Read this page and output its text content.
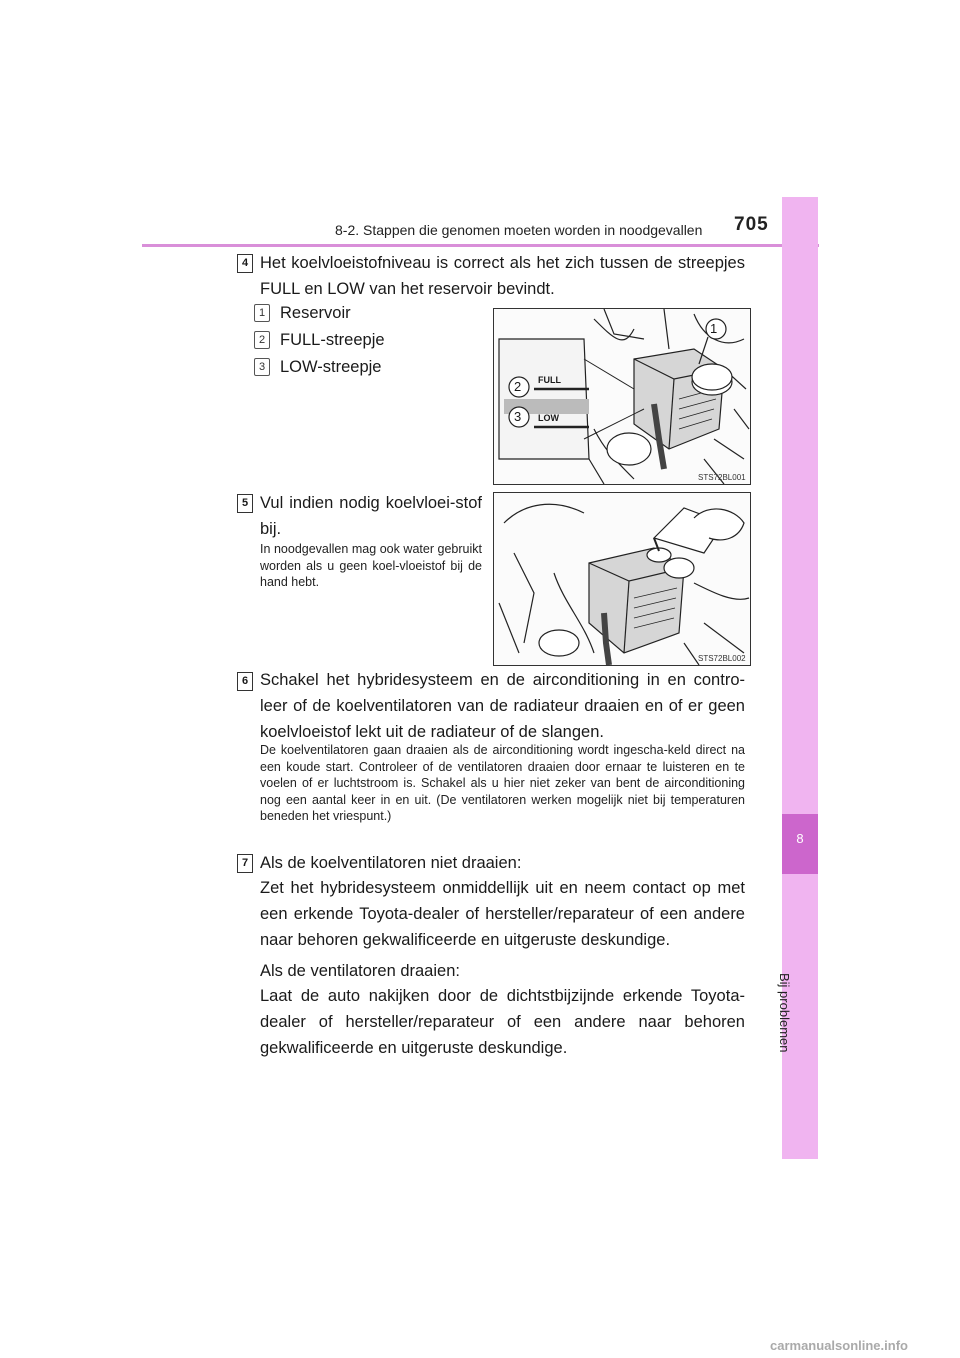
8-2. Stappen die genomen moeten worden in noodgevallen 705
8
Bij problemen
4 Het koelvloeistofniveau is correct als het zich tussen de streepjes FULL en LOW van het reservoir bevindt.
1 Reservoir
2 FULL-streepje
3 LOW-streepje
1
2
3
FULL
LOW
STS72BL001
5 Vul indien nodig koelvloei-stof bij.
In noodgevallen mag ook water gebruikt worden als u geen koel-vloeistof bij de hand hebt.
STS72BL002
6 Schakel het hybridesysteem en de airconditioning in en contro-leer of de koelventilatoren van de radiateur draaien en of er geen koelvloeistof lekt uit de radiateur of de slangen.
De koelventilatoren gaan draaien als de airconditioning wordt ingescha-keld direct na een koude start. Controleer of de ventilatoren draaien door ernaar te luisteren en te voelen of er luchtstroom is. Schakel als u hier niet zeker van bent de airconditioning nog een aantal keer in en uit. (De ventilatoren werken mogelijk niet bij temperaturen beneden het vriespunt.)
7 Als de koelventilatoren niet draaien:
Zet het hybridesysteem onmiddellijk uit en neem contact op met een erkende Toyota-dealer of hersteller/reparateur of een andere naar behoren gekwalificeerde en uitgeruste deskundige.
Als de ventilatoren draaien:
Laat de auto nakijken door de dichtstbijzijnde erkende Toyota-dealer of hersteller/reparateur of een andere naar behoren gekwalificeerde en uitgeruste deskundige.
carmanualsonline.info
